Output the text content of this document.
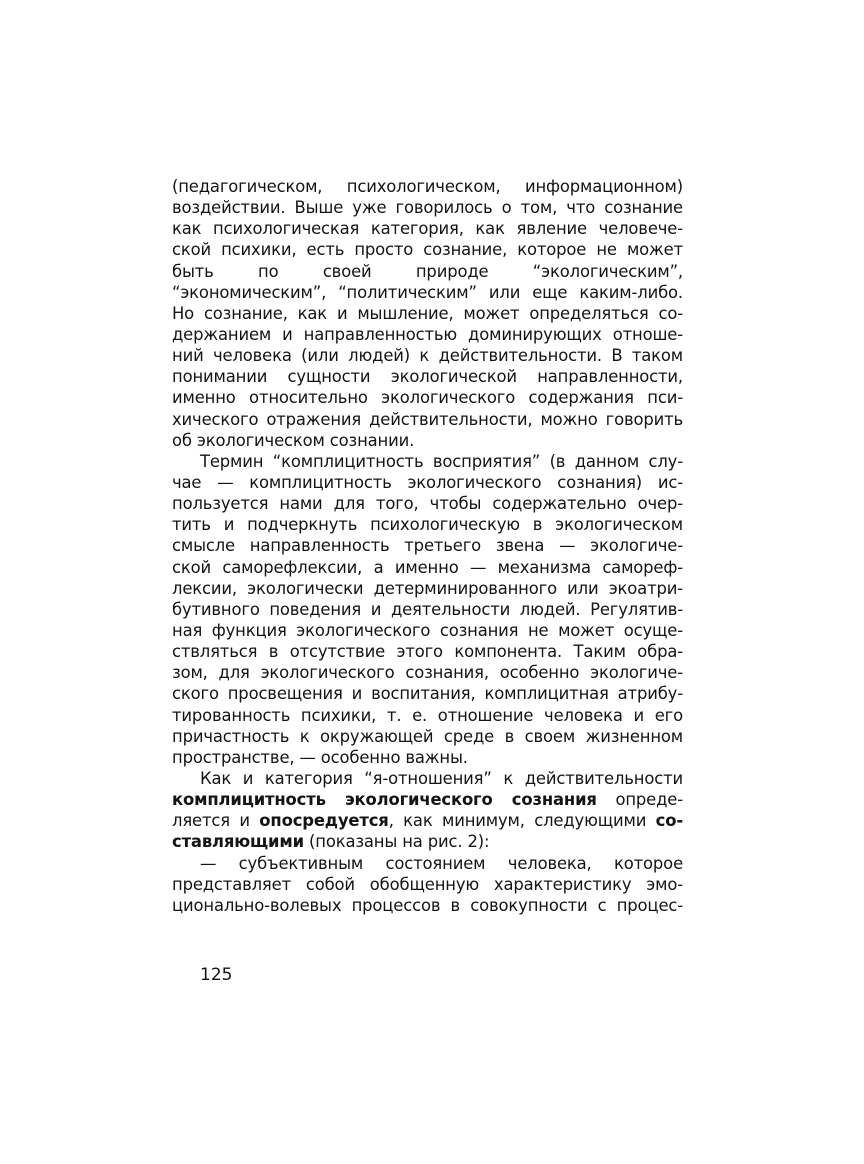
(педагогическом, психологическом, информационном)
воздействии. Выше уже говорилось о том, что сознание
как психологическая категория, как явление человече-
ской психики, есть просто сознание, которое не может
быть по своей природе “экологическим”,
“экономическим”, “политическим” или еще каким-либо.
Но сознание, как и мышление, может определяться со-
держанием и направленностью доминирующих отноше-
ний человека (или людей) к действительности. В таком
понимании сущности экологической направленности,
именно относительно экологического содержания пси-
хического отражения действительности, можно говорить
об экологическом сознании.
Термин “комплицитность восприятия” (в данном слу-
чае — комплицитность экологического сознания) ис-
пользуется нами для того, чтобы содержательно очер-
тить и подчеркнуть психологическую в экологическом
смысле направленность третьего звена — экологиче-
ской саморефлексии, а именно — механизма самореф-
лексии, экологически детерминированного или экоатри-
бутивного поведения и деятельности людей. Регулятив-
ная функция экологического сознания не может осуще-
ствляться в отсутствие этого компонента. Таким обра-
зом, для экологического сознания, особенно экологиче-
ского просвещения и воспитания, комплицитная атрибу-
тированность психики, т. е. отношение человека и его
причастность к окружающей среде в своем жизненном
пространстве, — особенно важны.
Как и категория “я-отношения” к действительности
комплицитность экологического сознания опреде-
ляется и опосредуется, как минимум, следующими со-
ставляющими (показаны на рис. 2):
— субъективным состоянием человека, которое
представляет собой обобщенную характеристику эмо-
ционально-волевых процессов в совокупности с процес-
125
